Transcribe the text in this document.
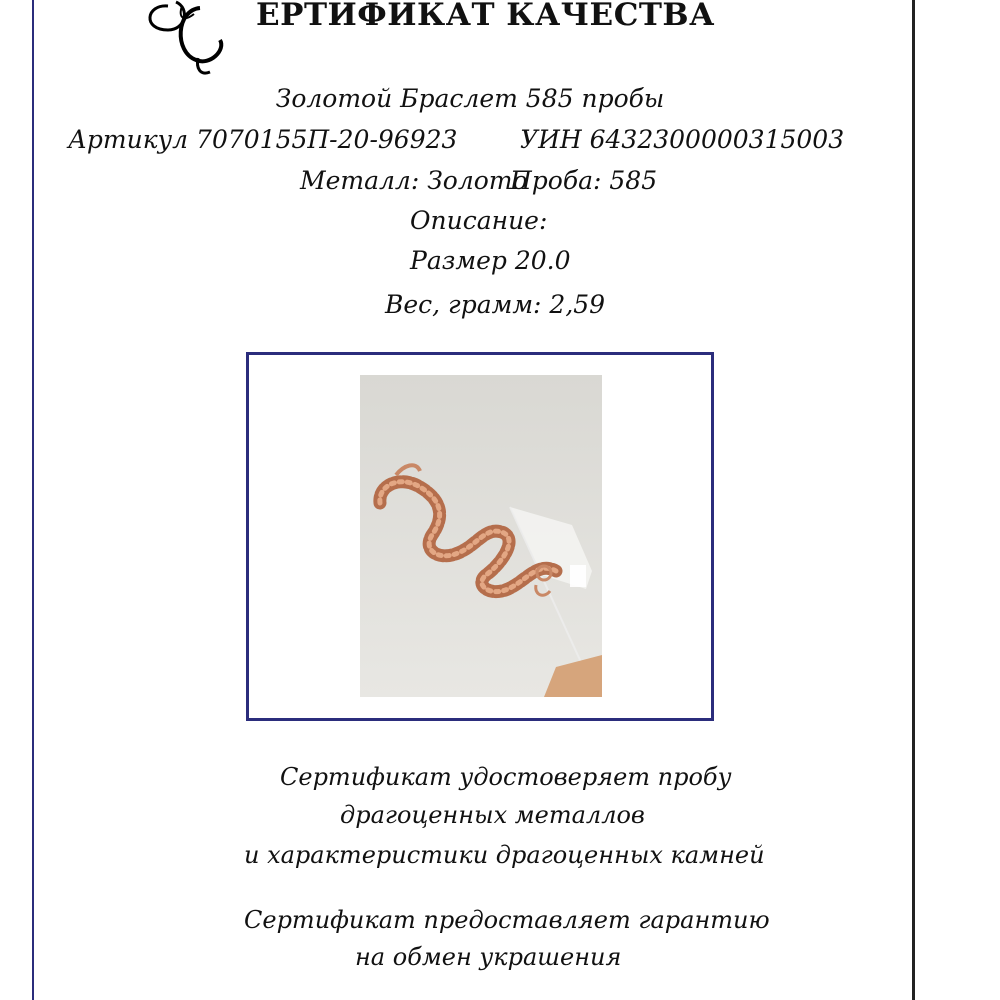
ЕРТИФИКАТ КАЧЕСТВА
Золотой Браслет 585 пробы
Артикул 7070155П-20-96923	УИН 6432300000315003
Металл: Золото
Проба: 585
Описание:
Размер 20.0
Вес, грамм: 2,59
Сертификат удостоверяет пробу
драгоценных металлов
и характеристики драгоценных камней
Сертификат предоставляет гарантию
на обмен украшения
